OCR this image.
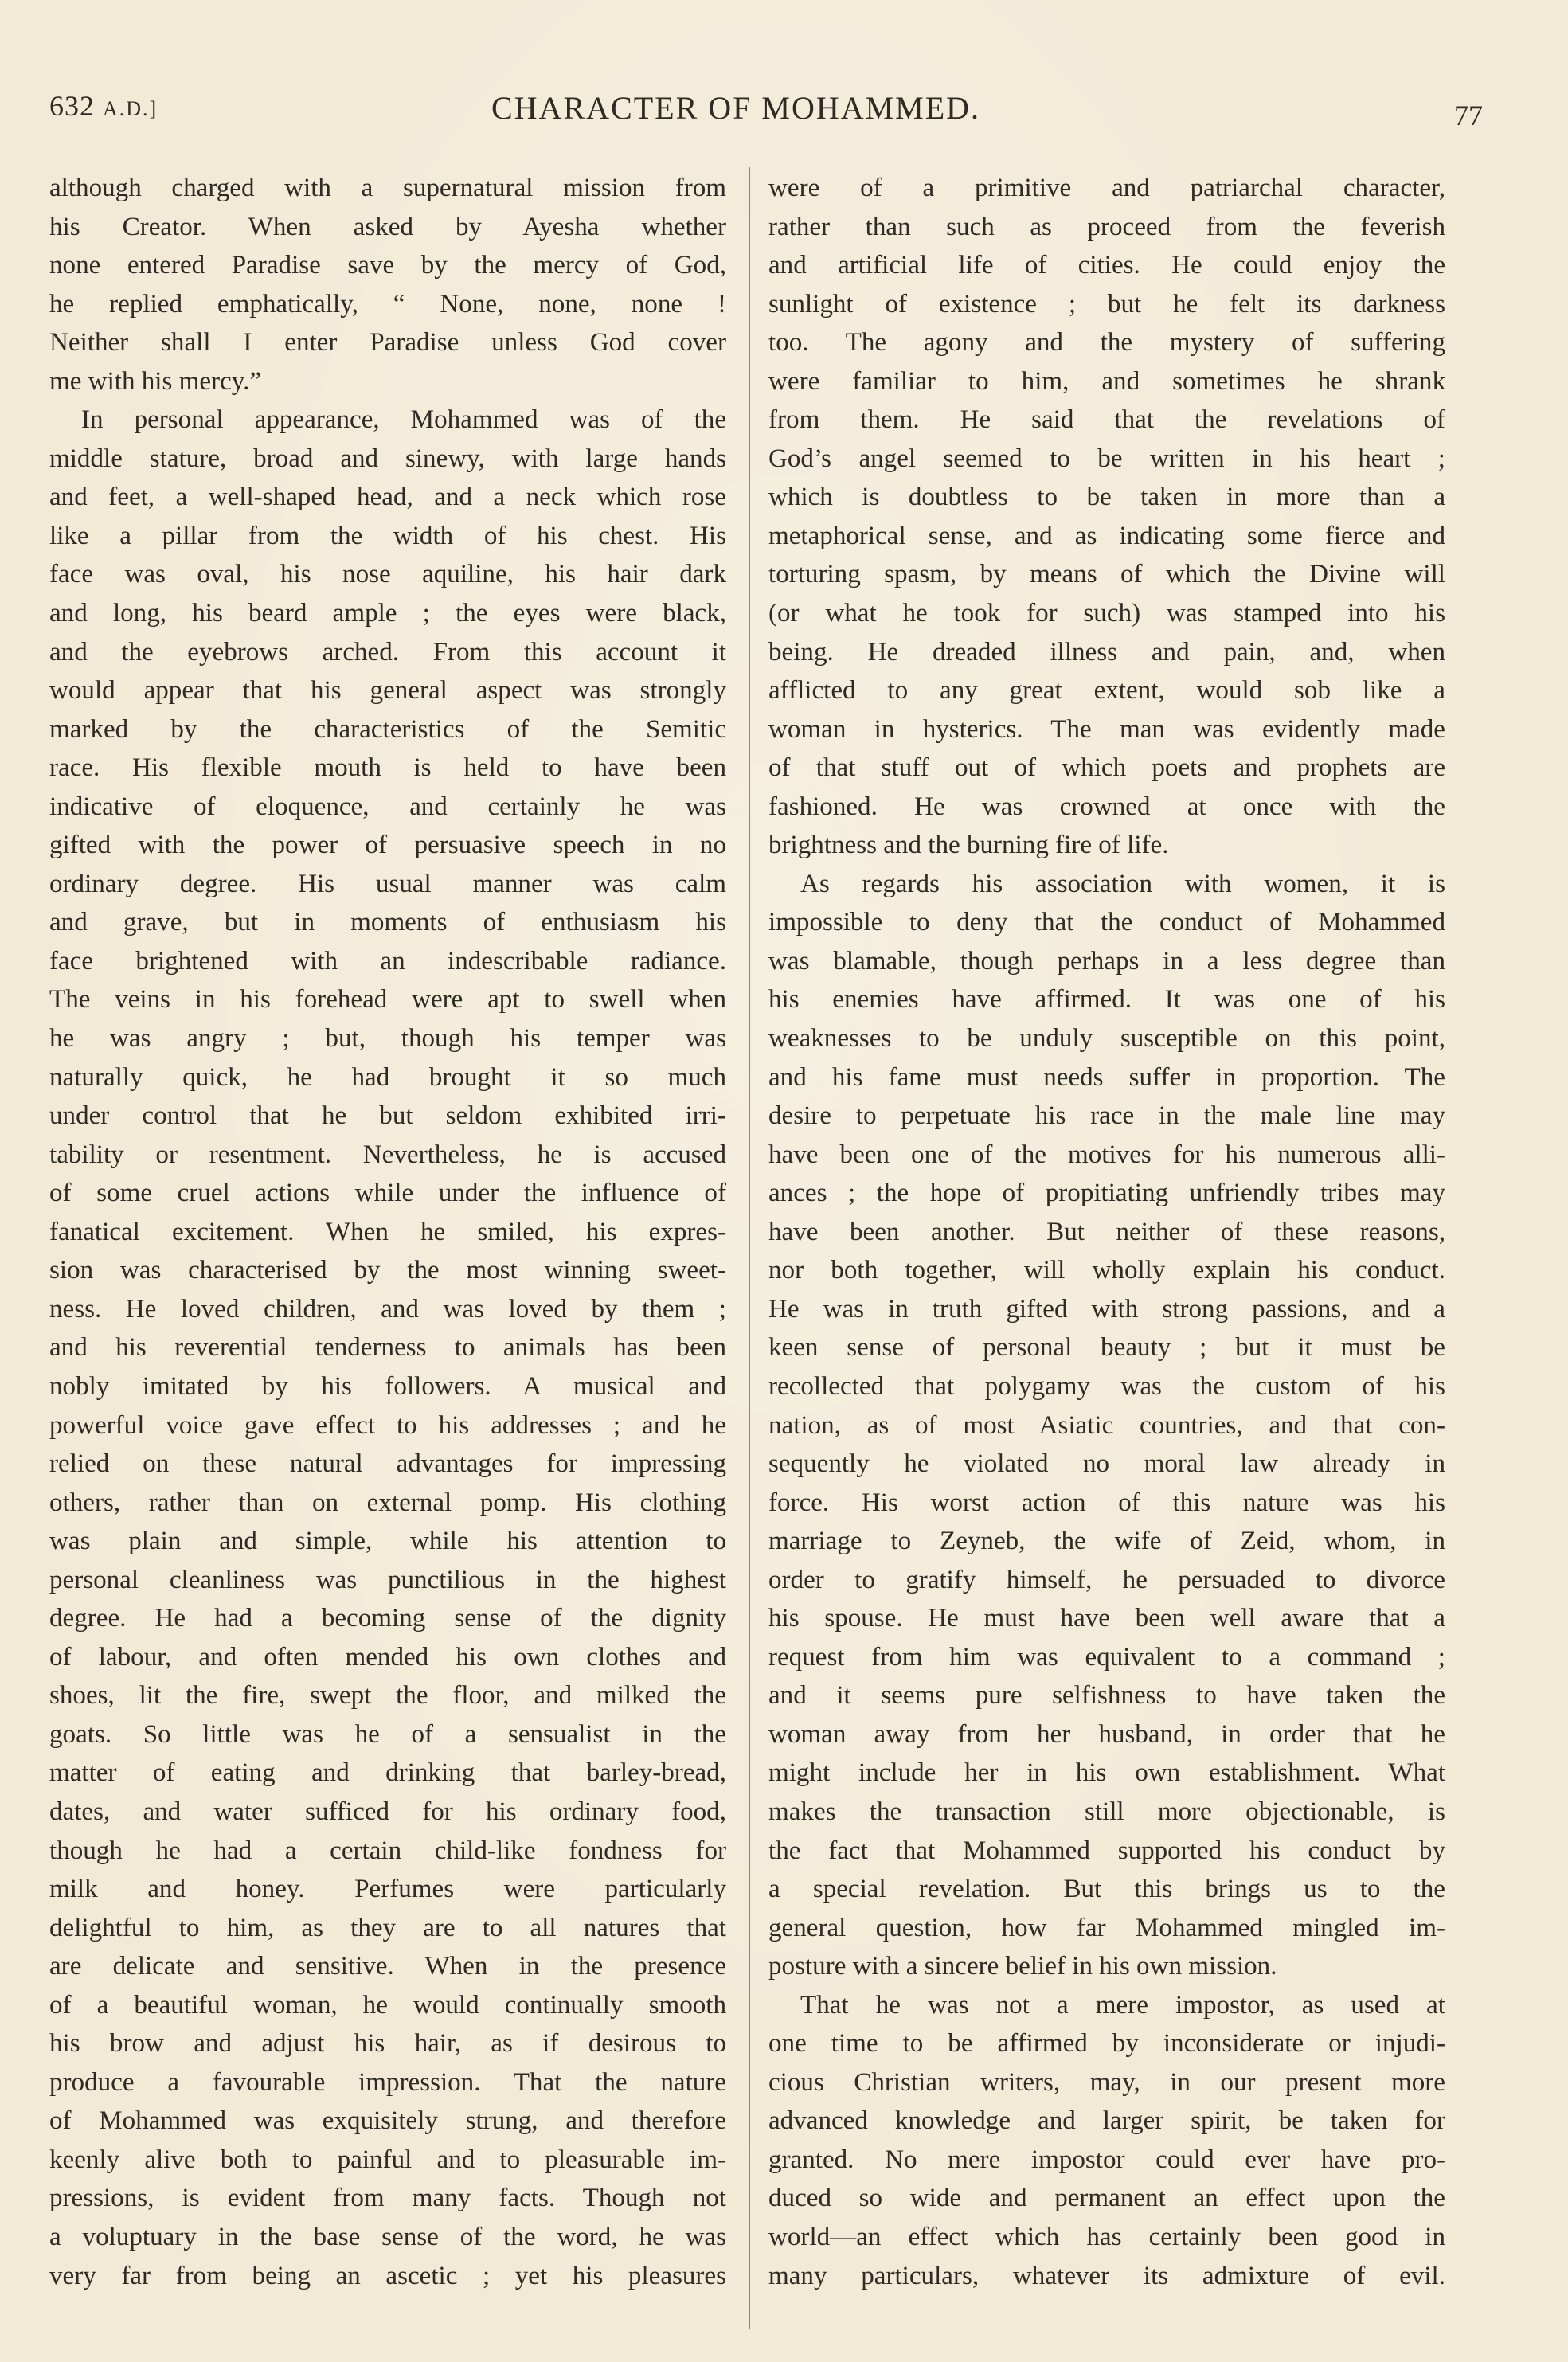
632 A.D.]	CHARACTER OF MOHAMMED.	77
although charged with a supernatural mission from
his Creator. When asked by Ayesha whether
none entered Paradise save by the mercy of God,
he replied emphatically, “ None, none, none !
Neither shall I enter Paradise unless God cover
me with his mercy.”
In personal appearance, Mohammed was of the
middle stature, broad and sinewy, with large hands
and feet, a well-shaped head, and a neck which rose
like a pillar from the width of his chest. His
face was oval, his nose aquiline, his hair dark
and long, his beard ample ; the eyes were black,
and the eyebrows arched. From this account it
would appear that his general aspect was strongly
marked by the characteristics of the Semitic
race. His flexible mouth is held to have been
indicative of eloquence, and certainly he was
gifted with the power of persuasive speech in no
ordinary degree. His usual manner was calm
and grave, but in moments of enthusiasm his
face brightened with an indescribable radiance.
The veins in his forehead were apt to swell when
he was angry ; but, though his temper was
naturally quick, he had brought it so much
under control that he but seldom exhibited irri-
tability or resentment. Nevertheless, he is accused
of some cruel actions while under the influence of
fanatical excitement. When he smiled, his expres-
sion was characterised by the most winning sweet-
ness. He loved children, and was loved by them ;
and his reverential tenderness to animals has been
nobly imitated by his followers. A musical and
powerful voice gave effect to his addresses ; and he
relied on these natural advantages for impressing
others, rather than on external pomp. His clothing
was plain and simple, while his attention to
personal cleanliness was punctilious in the highest
degree. He had a becoming sense of the dignity
of labour, and often mended his own clothes and
shoes, lit the fire, swept the floor, and milked the
goats. So little was he of a sensualist in the
matter of eating and drinking that barley-bread,
dates, and water sufficed for his ordinary food,
though he had a certain child-like fondness for
milk and honey. Perfumes were particularly
delightful to him, as they are to all natures that
are delicate and sensitive. When in the presence
of a beautiful woman, he would continually smooth
his brow and adjust his hair, as if desirous to
produce a favourable impression. That the nature
of Mohammed was exquisitely strung, and therefore
keenly alive both to painful and to pleasurable im-
pressions, is evident from many facts. Though not
a voluptuary in the base sense of the word, he was
very far from being an ascetic ; yet his pleasures
were of a primitive and patriarchal character,
rather than such as proceed from the feverish
and artificial life of cities. He could enjoy the
sunlight of existence ; but he felt its darkness
too. The agony and the mystery of suffering
were familiar to him, and sometimes he shrank
from them. He said that the revelations of
God’s angel seemed to be written in his heart ;
which is doubtless to be taken in more than a
metaphorical sense, and as indicating some fierce and
torturing spasm, by means of which the Divine will
(or what he took for such) was stamped into his
being. He dreaded illness and pain, and, when
afflicted to any great extent, would sob like a
woman in hysterics. The man was evidently made
of that stuff out of which poets and prophets are
fashioned. He was crowned at once with the
brightness and the burning fire of life.
As regards his association with women, it is
impossible to deny that the conduct of Mohammed
was blamable, though perhaps in a less degree than
his enemies have affirmed. It was one of his
weaknesses to be unduly susceptible on this point,
and his fame must needs suffer in proportion. The
desire to perpetuate his race in the male line may
have been one of the motives for his numerous alli-
ances ; the hope of propitiating unfriendly tribes may
have been another. But neither of these reasons,
nor both together, will wholly explain his conduct.
He was in truth gifted with strong passions, and a
keen sense of personal beauty ; but it must be
recollected that polygamy was the custom of his
nation, as of most Asiatic countries, and that con-
sequently he violated no moral law already in
force. His worst action of this nature was his
marriage to Zeyneb, the wife of Zeid, whom, in
order to gratify himself, he persuaded to divorce
his spouse. He must have been well aware that a
request from him was equivalent to a command ;
and it seems pure selfishness to have taken the
woman away from her husband, in order that he
might include her in his own establishment. What
makes the transaction still more objectionable, is
the fact that Mohammed supported his conduct by
a special revelation. But this brings us to the
general question, how far Mohammed mingled im-
posture with a sincere belief in his own mission.
That he was not a mere impostor, as used at
one time to be affirmed by inconsiderate or injudi-
cious Christian writers, may, in our present more
advanced knowledge and larger spirit, be taken for
granted. No mere impostor could ever have pro-
duced so wide and permanent an effect upon the
world—an effect which has certainly been good in
many particulars, whatever its admixture of evil.
